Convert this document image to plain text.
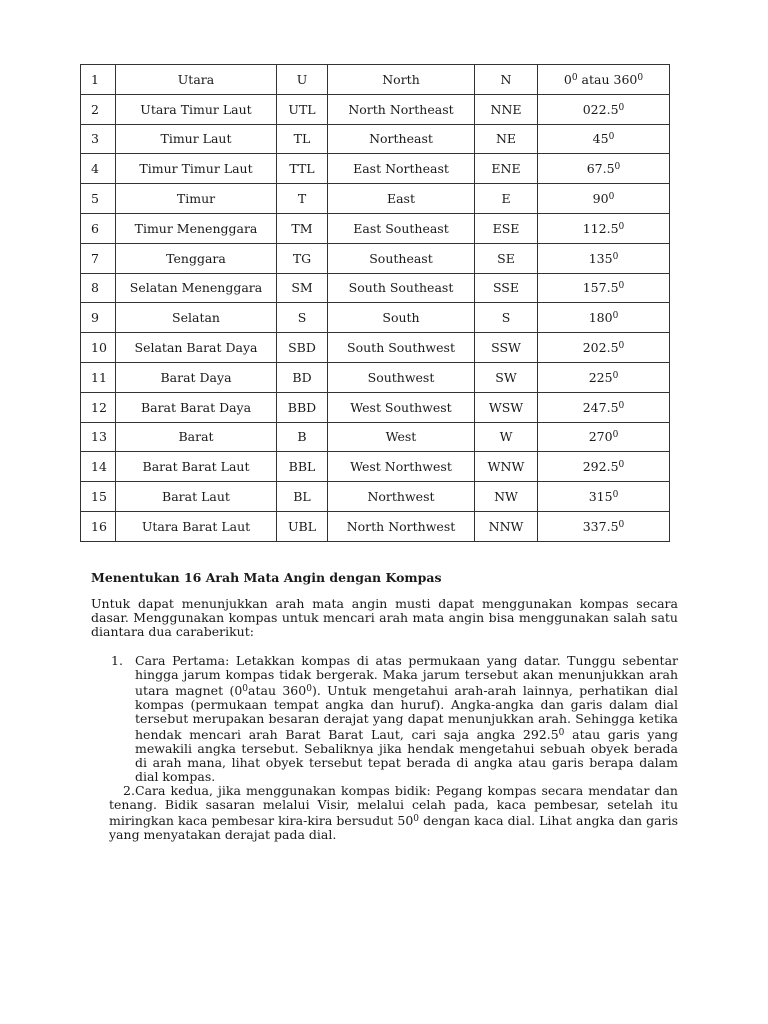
1	Utara	U	North	N	$0^0$ atau $360^0$
2	Utara Timur Laut	UTL	North Northeast	NNE	022.5$^0$
3	Timur Laut	TL	Northeast	NE	$45^0$
4	Timur Timur Laut	TTL	East Northeast	ENE	67.5$^0$
5	Timur	T	East	E	$90^0$
6	Timur Menenggara	TM	East Southeast	ESE	112.5$^0$
7	Tenggara	TG	Southeast	SE	$135^0$
8	Selatan Menenggara	SM	South Southeast	SSE	157.5$^0$
9	Selatan	S	South	S	$180^0$
10	Selatan Barat Daya	SBD	South Southwest	SSW	202.5$^0$
11	Barat Daya	BD	Southwest	SW	$225^0$
12	Barat Barat Daya	BBD	West Southwest	WSW	247.5$^0$
13	Barat	B	West	W	$270^0$
14	Barat Barat Laut	BBL	West Northwest	WNW	292.5$^0$
15	Barat Laut	BL	Northwest	NW	$315^0$
16	Utara Barat Laut	UBL	North Northwest	NNW	337.5$^0$

Menentukan 16 Arah Mata Angin dengan Kompas

Untuk dapat menunjukkan arah mata angin musti dapat menggunakan kompas secara dasar. Menggunakan kompas untuk mencari arah mata angin bisa menggunakan salah satu diantara dua caraberikut:

1. Cara Pertama: Letakkan kompas di atas permukaan yang datar. Tunggu sebentar hingga jarum kompas tidak bergerak. Maka jarum tersebut akan menunjukkan arah utara magnet ($0^0atau$ $360^0$). Untuk mengetahui arah-arah lainnya, perhatikan dial kompas (permukaan tempat angka dan huruf). Angka-angka dan garis dalam dial tersebut merupakan besaran derajat yang dapat menunjukkan arah. Sehingga ketika hendak mencari arah Barat Barat Laut, cari saja angka 292.5$^0$ atau garis yang mewakili angka tersebut. Sebaliknya jika hendak mengetahui sebuah obyek berada di arah mana, lihat obyek tersebut tepat berada di angka atau garis berapa dalam dial kompas.

2. Cara kedua, jika menggunakan kompas bidik: Pegang kompas secara mendatar dan tenang. Bidik sasaran melalui Visir, melalui celah pada, kaca pembesar, setelah itu miringkan kaca pembesar kira-kira bersudut $50^0$ dengan kaca dial. Lihat angka dan garis yang menyatakan derajat pada dial.
